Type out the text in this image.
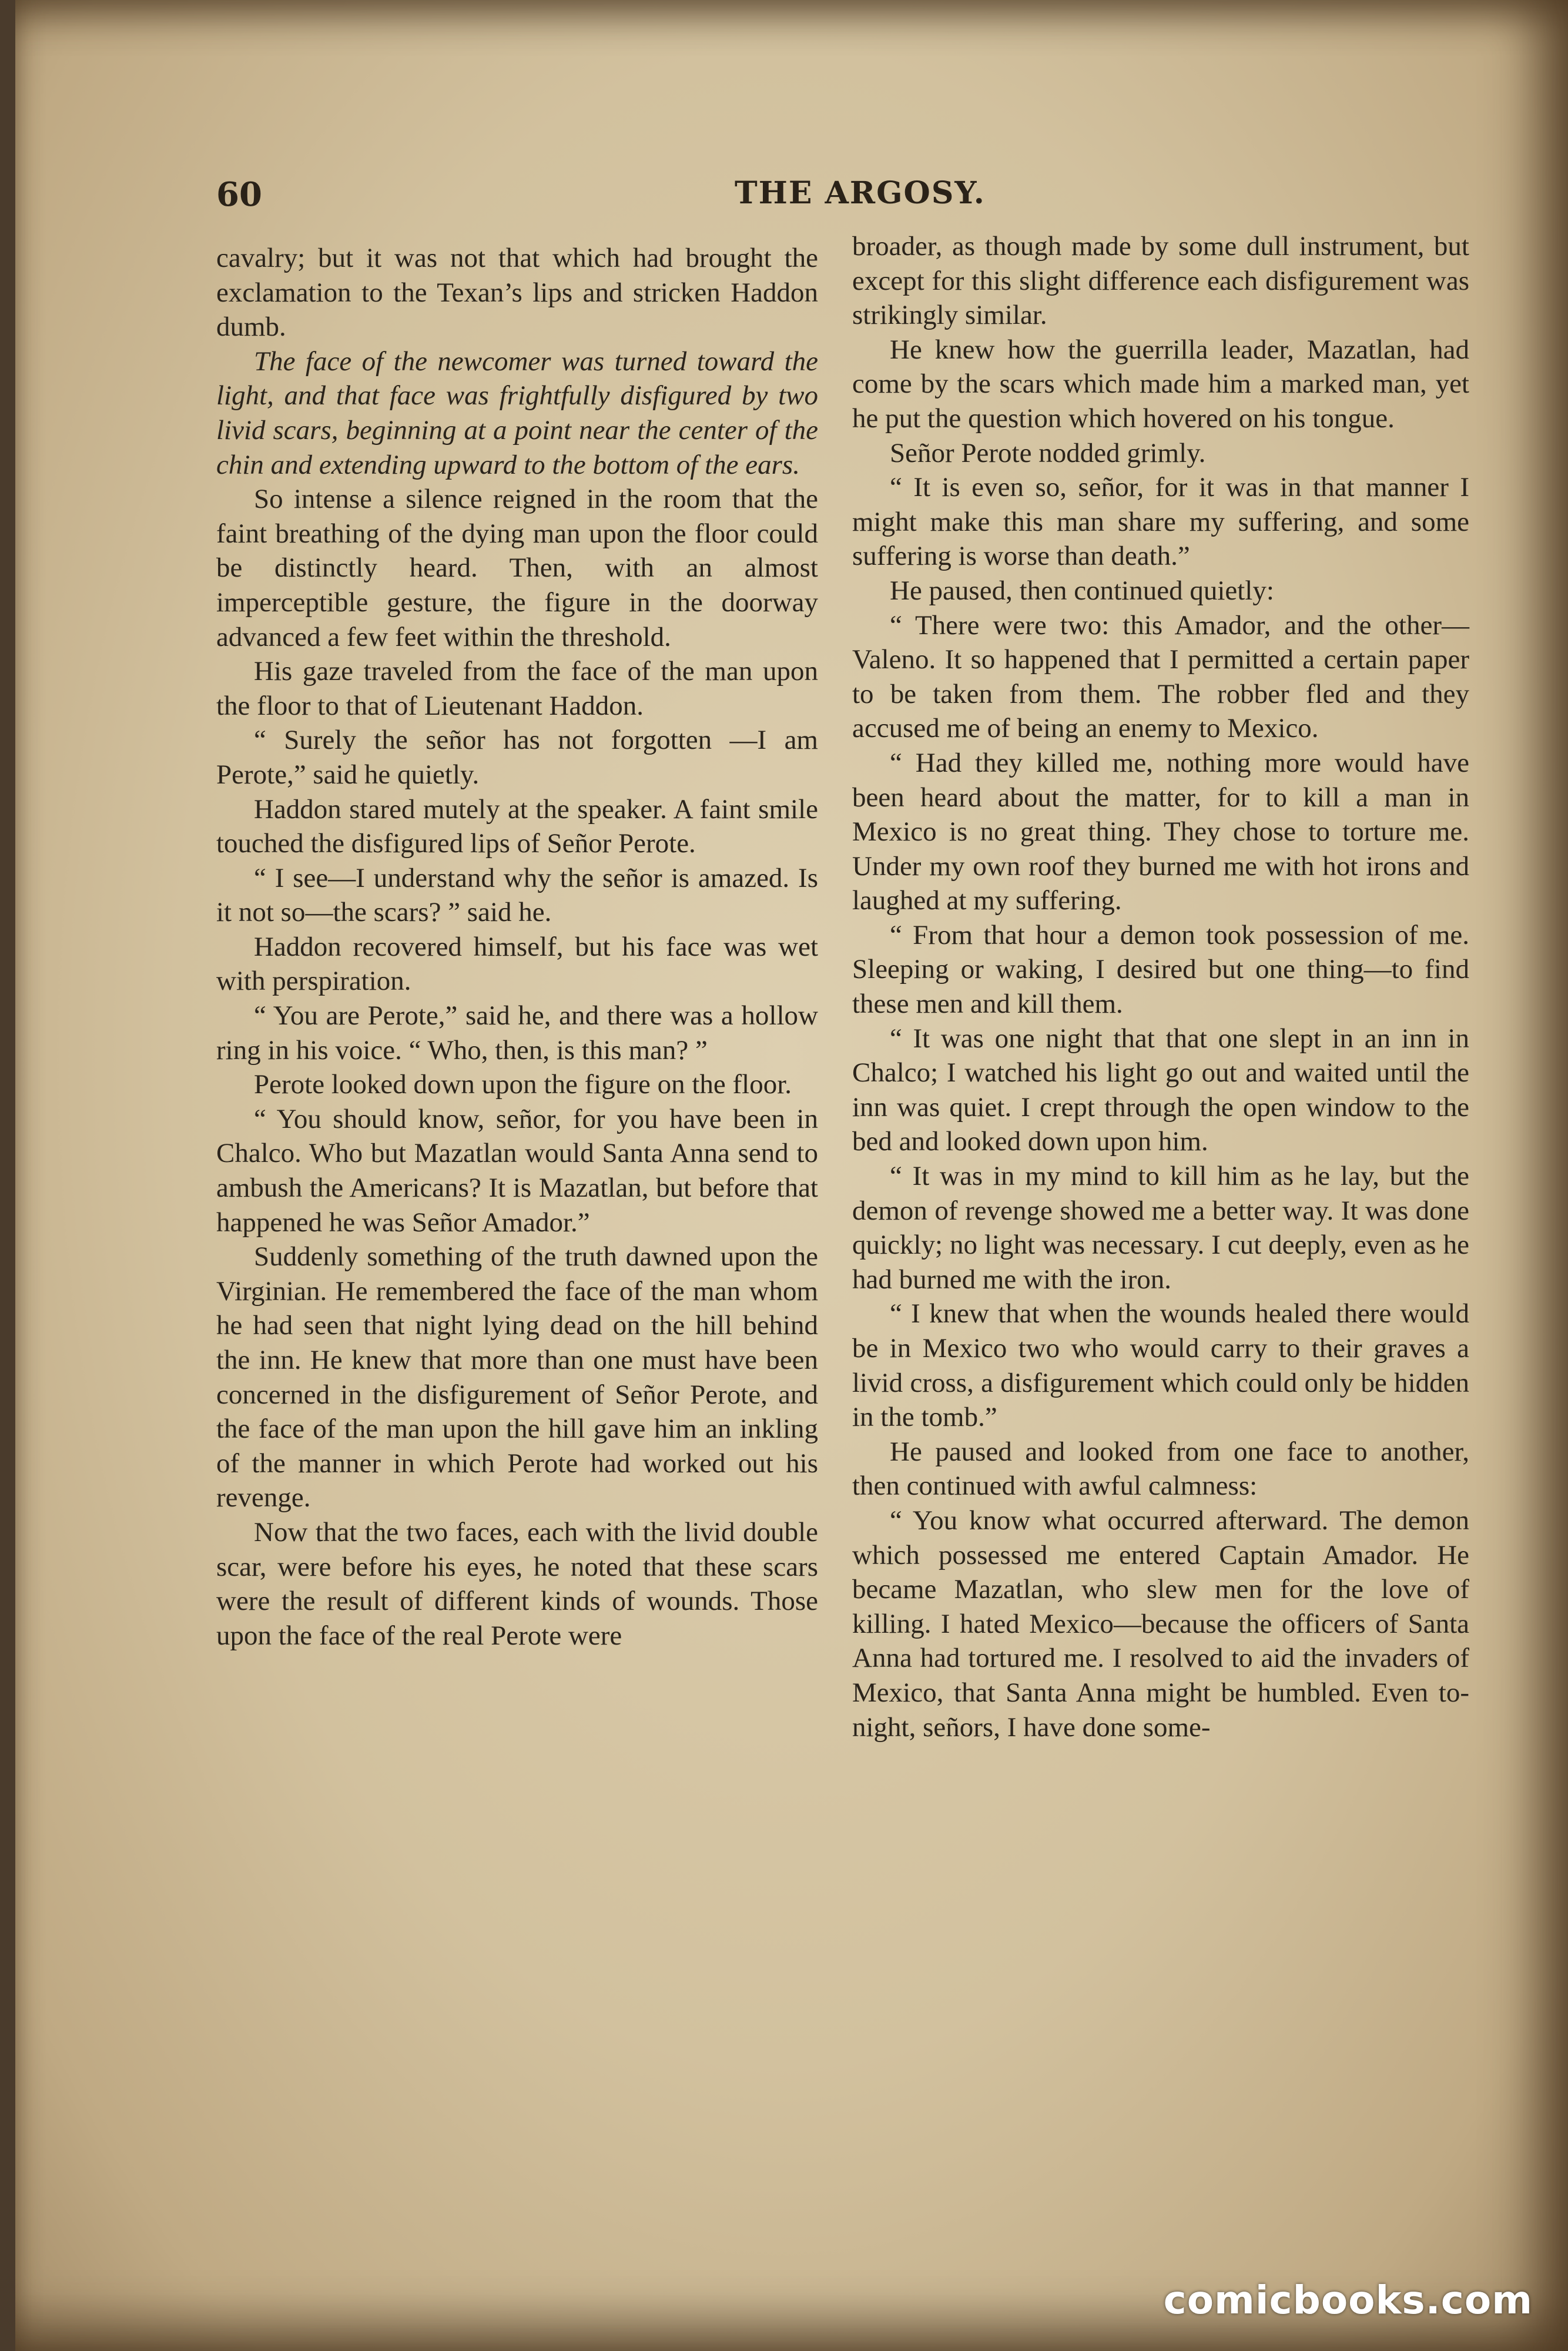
60	THE ARGOSY.

cavalry; but it was not that which had brought the exclamation to the Texan’s lips and stricken Haddon dumb.

The face of the newcomer was turned toward the light, and that face was frightfully disfigured by two livid scars, beginning at a point near the center of the chin and extending upward to the bottom of the ears.

So intense a silence reigned in the room that the faint breathing of the dying man upon the floor could be distinctly heard. Then, with an almost imperceptible gesture, the figure in the doorway advanced a few feet within the threshold.

His gaze traveled from the face of the man upon the floor to that of Lieutenant Haddon.

“ Surely the señor has not forgotten —I am Perote,” said he quietly.

Haddon stared mutely at the speaker. A faint smile touched the disfigured lips of Señor Perote.

“ I see—I understand why the señor is amazed. Is it not so—the scars? ” said he.

Haddon recovered himself, but his face was wet with perspiration.

“ You are Perote,” said he, and there was a hollow ring in his voice. “ Who, then, is this man? ”

Perote looked down upon the figure on the floor.

“ You should know, señor, for you have been in Chalco. Who but Mazatlan would Santa Anna send to ambush the Americans? It is Mazatlan, but before that happened he was Señor Amador.”

Suddenly something of the truth dawned upon the Virginian. He remembered the face of the man whom he had seen that night lying dead on the hill behind the inn. He knew that more than one must have been concerned in the disfigurement of Señor Perote, and the face of the man upon the hill gave him an inkling of the manner in which Perote had worked out his revenge.

Now that the two faces, each with the livid double scar, were before his eyes, he noted that these scars were the result of different kinds of wounds. Those upon the face of the real Perote were

broader, as though made by some dull instrument, but except for this slight difference each disfigurement was strikingly similar.

He knew how the guerrilla leader, Mazatlan, had come by the scars which made him a marked man, yet he put the question which hovered on his tongue.

Señor Perote nodded grimly.

“ It is even so, señor, for it was in that manner I might make this man share my suffering, and some suffering is worse than death.”

He paused, then continued quietly:

“ There were two: this Amador, and the other—Valeno. It so happened that I permitted a certain paper to be taken from them. The robber fled and they accused me of being an enemy to Mexico.

“ Had they killed me, nothing more would have been heard about the matter, for to kill a man in Mexico is no great thing. They chose to torture me. Under my own roof they burned me with hot irons and laughed at my suffering.

“ From that hour a demon took possession of me. Sleeping or waking, I desired but one thing—to find these men and kill them.

“ It was one night that that one slept in an inn in Chalco; I watched his light go out and waited until the inn was quiet. I crept through the open window to the bed and looked down upon him.

“ It was in my mind to kill him as he lay, but the demon of revenge showed me a better way. It was done quickly; no light was necessary. I cut deeply, even as he had burned me with the iron.

“ I knew that when the wounds healed there would be in Mexico two who would carry to their graves a livid cross, a disfigurement which could only be hidden in the tomb.”

He paused and looked from one face to another, then continued with awful calmness:

“ You know what occurred afterward. The demon which possessed me entered Captain Amador. He became Mazatlan, who slew men for the love of killing. I hated Mexico—because the officers of Santa Anna had tortured me. I resolved to aid the invaders of Mexico, that Santa Anna might be humbled. Even to-night, señors, I have done some-

comicbooks.com
